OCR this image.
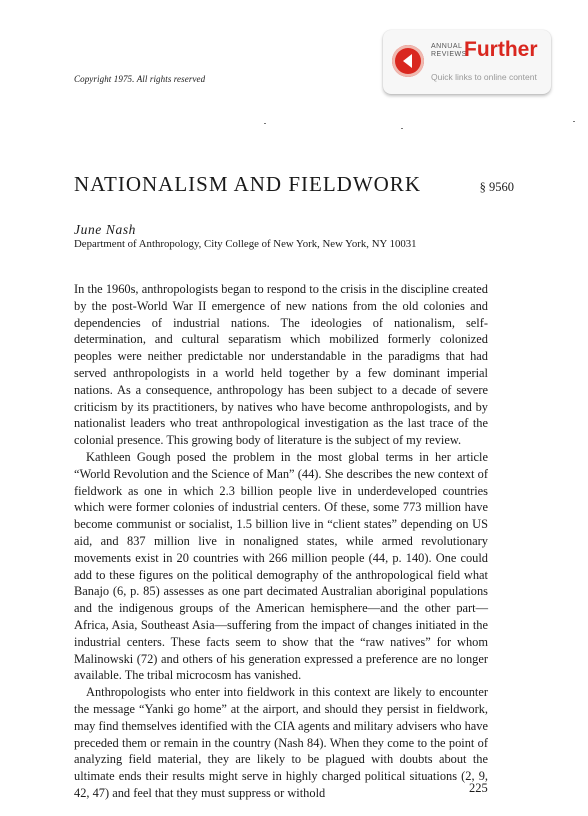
Copyright 1975. All rights reserved
ANNUAL
REVIEWS
Further
Quick links to online content
NATIONALISM AND FIELDWORK	§ 9560
June Nash
Department of Anthropology, City College of New York, New York, NY 10031

In the 1960s, anthropologists began to respond to the crisis in the discipline created by the post-World War II emergence of new nations from the old colonies and dependencies of industrial nations. The ideologies of nationalism, self-determination, and cultural separatism which mobilized formerly colonized peoples were neither predictable nor understandable in the paradigms that had served anthropologists in a world held together by a few dominant imperial nations. As a consequence, anthropology has been subject to a decade of severe criticism by its practitioners, by natives who have become anthropologists, and by nationalist leaders who treat anthropological investigation as the last trace of the colonial presence. This growing body of literature is the subject of my review.

Kathleen Gough posed the problem in the most global terms in her article “World Revolution and the Science of Man” (44). She describes the new context of fieldwork as one in which 2.3 billion people live in underdeveloped countries which were former colonies of industrial centers. Of these, some 773 million have become communist or socialist, 1.5 billion live in “client states” depending on US aid, and 837 million live in nonaligned states, while armed revolutionary movements exist in 20 countries with 266 million people (44, p. 140). One could add to these figures on the political demography of the anthropological field what Banajo (6, p. 85) assesses as one part decimated Australian aboriginal populations and the indigenous groups of the American hemisphere—and the other part—Africa, Asia, Southeast Asia—suffering from the impact of changes initiated in the industrial centers. These facts seem to show that the “raw natives” for whom Malinowski (72) and others of his generation expressed a preference are no longer available. The tribal microcosm has vanished.

Anthropologists who enter into fieldwork in this context are likely to encounter the message “Yanki go home” at the airport, and should they persist in fieldwork, may find themselves identified with the CIA agents and military advisers who have preceded them or remain in the country (Nash 84). When they come to the point of analyzing field material, they are likely to be plagued with doubts about the ultimate ends their results might serve in highly charged political situations (2, 9, 42, 47) and feel that they must suppress or withold	225
